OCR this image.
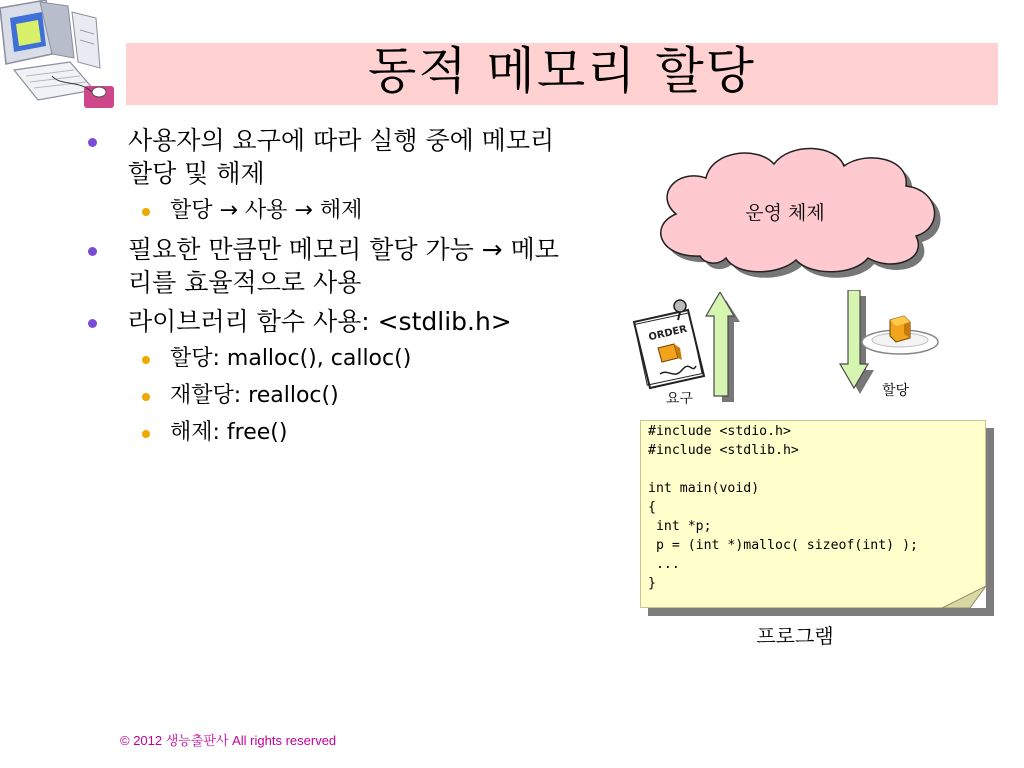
동적 메모리 할당
사용자의 요구에 따라 실행 중에 메모리 할당 및 해제
할당 → 사용 → 해제
필요한 만큼만 메모리 할당 가능 → 메모리를 효율적으로 사용
라이브러리 함수 사용: <stdlib.h>
할당: malloc(), calloc()
재할당: realloc()
해제: free()
운영 체제
요구	할당
ORDER
#include <stdio.h>
#include <stdlib.h>

int main(void)
{
int *p;
p = (int *)malloc( sizeof(int) );
...
}
프로그램
© 2012 생능출판사 All rights reserved
